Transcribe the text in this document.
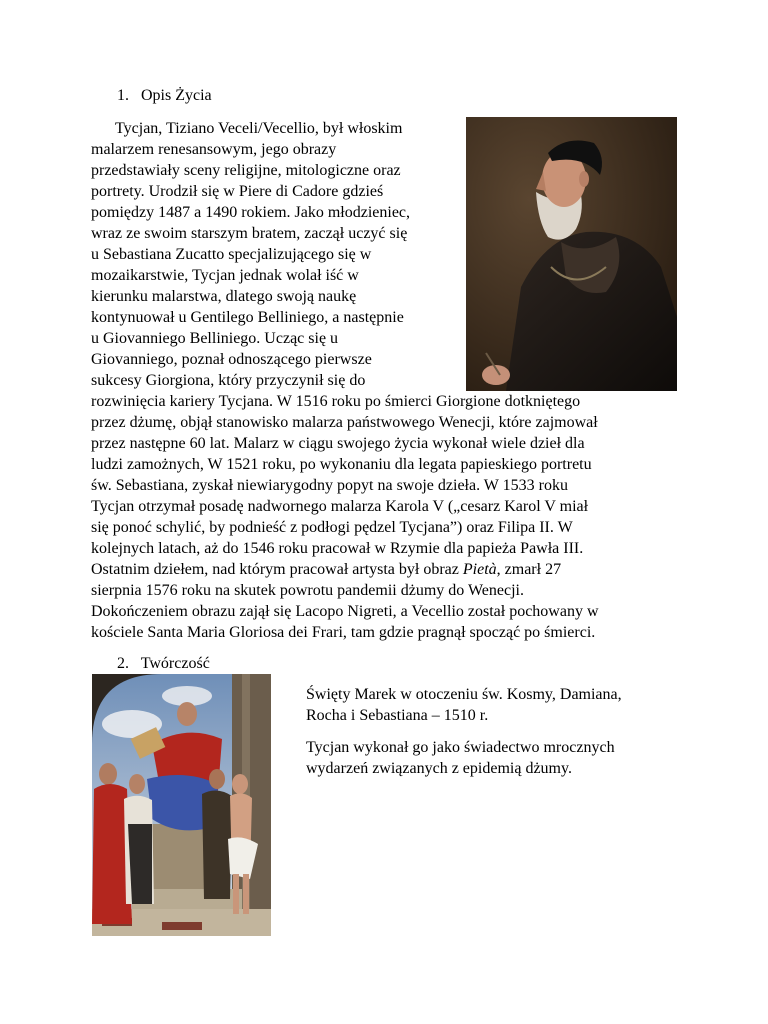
1. Opis Życia
Tycjan, Tiziano Veceli/Vecellio, był włoskim
malarzem renesansowym, jego obrazy
przedstawiały sceny religijne, mitologiczne oraz
portrety. Urodził się w Piere di Cadore gdzieś
pomiędzy 1487 a 1490 rokiem. Jako młodzieniec,
wraz ze swoim starszym bratem, zaczął uczyć się
u Sebastiana Zucatto specjalizującego się w
mozaikarstwie, Tycjan jednak wolał iść w
kierunku malarstwa, dlatego swoją naukę
kontynuował u Gentilego Belliniego, a następnie
u Giovanniego Belliniego. Ucząc się u
Giovanniego, poznał odnoszącego pierwsze
sukcesy Giorgiona, który przyczynił się do
rozwinięcia kariery Tycjana. W 1516 roku po śmierci Giorgione dotkniętego
przez dżumę, objął stanowisko malarza państwowego Wenecji, które zajmował
przez następne 60 lat. Malarz w ciągu swojego życia wykonał wiele dzieł dla
ludzi zamożnych, W 1521 roku, po wykonaniu dla legata papieskiego portretu
św. Sebastiana, zyskał niewiarygodny popyt na swoje dzieła. W 1533 roku
Tycjan otrzymał posadę nadwornego malarza Karola V („cesarz Karol V miał
się ponoć schylić, by podnieść z podłogi pędzel Tycjana”) oraz Filipa II. W
kolejnych latach, aż do 1546 roku pracował w Rzymie dla papieża Pawła III.
Ostatnim dziełem, nad którym pracował artysta był obraz Pietà, zmarł 27
sierpnia 1576 roku na skutek powrotu pandemii dżumy do Wenecji.
Dokończeniem obrazu zajął się Lacopo Nigreti, a Vecellio został pochowany w
kościele Santa Maria Gloriosa dei Frari, tam gdzie pragnął spocząć po śmierci.
2. Twórczość

Święty Marek w otoczeniu św. Kosmy, Damiana,
Rocha i Sebastiana – 1510 r.

Tycjan wykonał go jako świadectwo mrocznych
wydarzeń związanych z epidemią dżumy.
